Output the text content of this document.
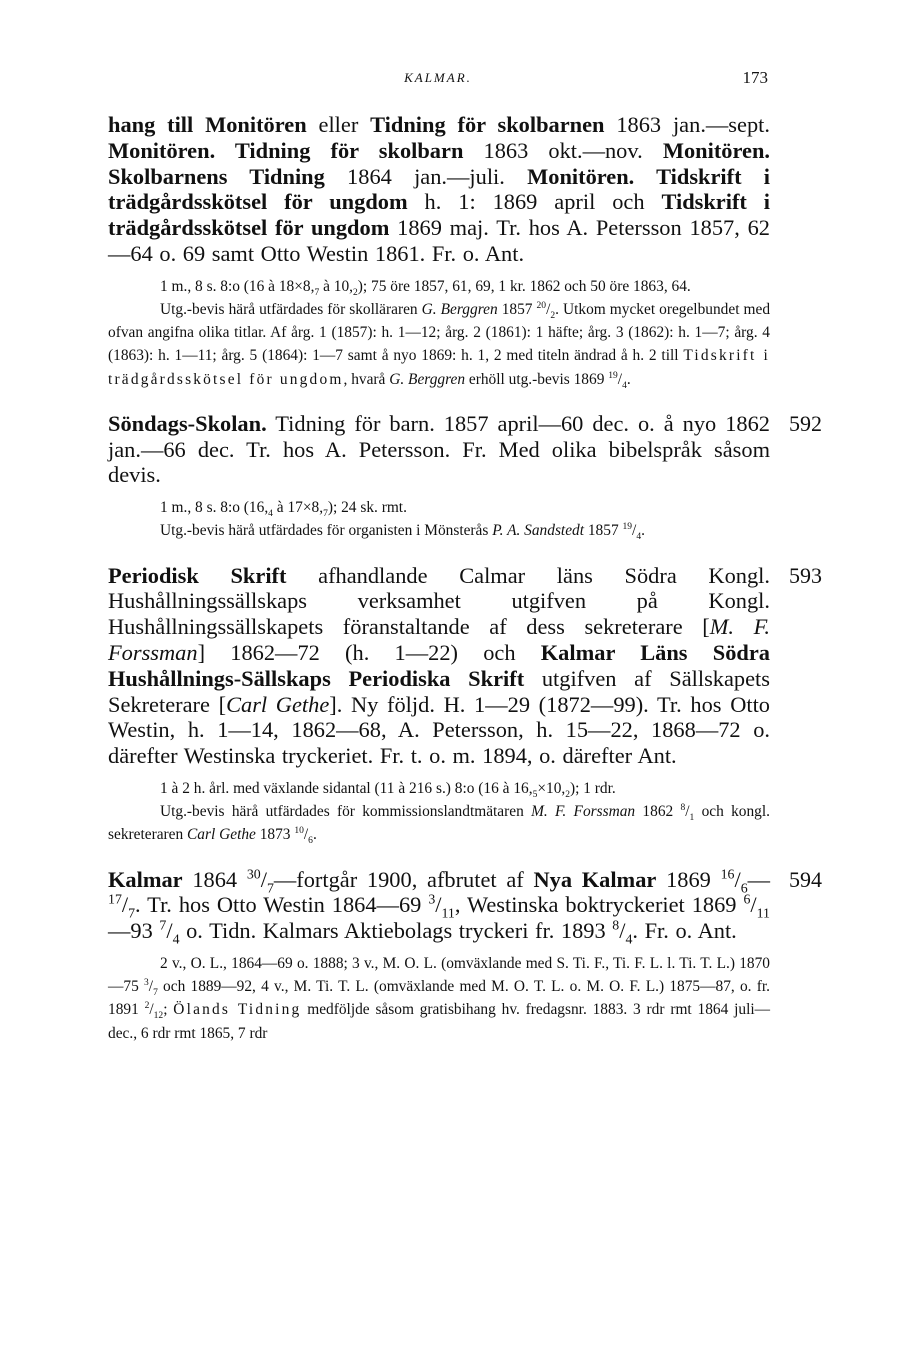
KALMAR.	173
hang till Monitören eller Tidning för skolbarnen 1863 jan.—sept. Monitören. Tidning för skolbarn 1863 okt.—nov. Monitören. Skolbarnens Tidning 1864 jan.—juli. Monitören. Tidskrift i trädgårdsskötsel för ungdom h. 1: 1869 april och Tidskrift i trädgårdsskötsel för ungdom 1869 maj. Tr. hos A. Petersson 1857, 62—64 o. 69 samt Otto Westin 1861. Fr. o. Ant.

1 m., 8 s. 8:o (16 à $18\times 8,_7$ à $10,_2$); 75 öre 1857, 61, 69, 1 kr. 1862 och 50 öre 1863, 64.

Utg.-bevis härå utfärdades för skolläraren G. Berggren 1857 $^{20}/_2$. Utkom mycket oregelbundet med ofvan angifna olika titlar. Af årg. 1 (1857): h. 1—12; årg. 2 (1861): 1 häfte; årg. 3 (1862): h. 1—7; årg. 4 (1863): h. 1—11; årg. 5 (1864): 1—7 samt å nyo 1869: h. 1, 2 med titeln ändrad å h. 2 till Tidskrift i trädgårdsskötsel för ungdom, hvarå G. Berggren erhöll utg.-bevis 1869 $^{19}/_4$.

592
Söndags-Skolan. Tidning för barn. 1857 april—60 dec. o. å nyo 1862 jan.—66 dec. Tr. hos A. Petersson. Fr. Med olika bibelspråk såsom devis.

1 m., 8 s. 8:o ($16,_4$ à $17\times 8,_7$); 24 sk. rmt.

Utg.-bevis härå utfärdades för organisten i Mönsterås P. A. Sandstedt 1857 $^{19}/_4$.

593
Periodisk Skrift afhandlande Calmar läns Södra Kongl. Hushållningssällskaps verksamhet utgifven på Kongl. Hushållningssällskapets föranstaltande af dess sekreterare [M. F. Forssman] 1862—72 (h. 1—22) och Kalmar Läns Södra Hushållnings-Sällskaps Periodiska Skrift utgifven af Sällskapets Sekreterare [Carl Gethe]. Ny följd. H. 1—29 (1872—99). Tr. hos Otto Westin, h. 1—14, 1862—68, A. Petersson, h. 15—22, 1868—72 o. därefter Westinska tryckeriet. Fr. t. o. m. 1894, o. därefter Ant.

1 à 2 h. årl. med växlande sidantal (11 à 216 s.) 8:o (16 à $16,_5\times 10,_2$); 1 rdr.

Utg.-bevis härå utfärdades för kommissionslandtmätaren M. F. Forssman 1862 $^8/_1$ och kongl. sekreteraren Carl Gethe 1873 $^{10}/_6$.

594
Kalmar 1864 $^{30}/_7—fortgår$ 1900, afbrutet af Nya Kalmar 1869 $^{16}/_6—^{17}/_7$. Tr. hos Otto Westin 1864—69 $^3/_{11}$, Westinska boktryckeriet 1869 $^6/_{11}—93$ $^7/_4$ o. Tidn. Kalmars Aktiebolags tryckeri fr. 1893 $^8/_4$. Fr. o. Ant.

2 v., O. L., 1864—69 o. 1888; 3 v., M. O. L. (omväxlande med S. Ti. F., Ti. F. L. l. Ti. T. L.) 1870—75 $^3/_7$ och 1889—92, 4 v., M. Ti. T. L. (omväxlande med M. O. T. L. o. M. O. F. L.) 1875—87, o. fr. 1891 $^2/_{12}$; Ölands Tidning medföljde såsom gratisbihang hv. fredagsnr. 1883. 3 rdr rmt 1864 juli—dec., 6 rdr rmt 1865, 7 rdr
